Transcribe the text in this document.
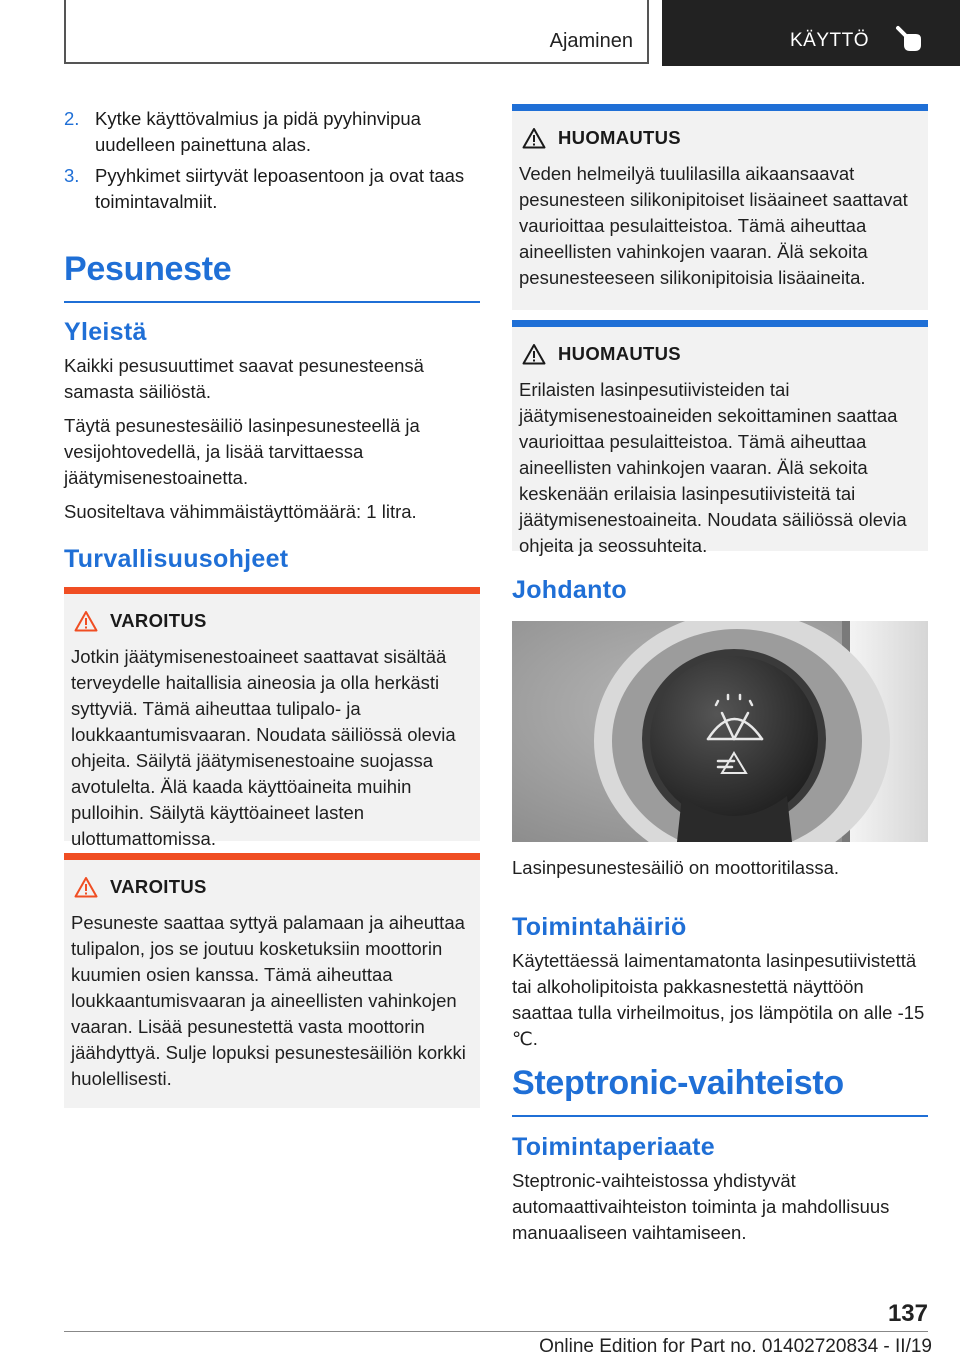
Ajaminen	KÄYTTÖ
2. Kytke käyttövalmius ja pidä pyyhinvipua uudelleen painettuna alas.
3. Pyyhkimet siirtyvät lepoasentoon ja ovat taas toimintavalmiit.
Pesuneste
Yleistä

Kaikki pesusuuttimet saavat pesunesteensä samasta säiliöstä.

Täytä pesunestesäiliö lasinpesunesteellä ja vesijohtovedellä, ja lisää tarvittaessa jäätymisenestoainetta.

Suositeltava vähimmäistäyttömäärä: 1 litra.

Turvallisuusohjeet
VAROITUS
Jotkin jäätymisenestoaineet saattavat sisältää terveydelle haitallisia aineosia ja olla herkästi syttyviä. Tämä aiheuttaa tulipalo- ja loukkaantumisvaaran. Noudata säiliössä olevia ohjeita. Säilytä jäätymisenestoaine suojassa avotulelta. Älä kaada käyttöaineita muihin pulloihin. Säilytä käyttöaineet lasten ulottumattomissa.
VAROITUS
Pesuneste saattaa syttyä palamaan ja aiheuttaa tulipalon, jos se joutuu kosketuksiin moottorin kuumien osien kanssa. Tämä aiheuttaa loukkaantumisvaaran ja aineellisten vahinkojen vaaran. Lisää pesunestettä vasta moottorin jäähdyttyä. Sulje lopuksi pesunestesäiliön korkki huolellisesti.
HUOMAUTUS
Veden helmeilyä tuulilasilla aikaansaavat pesunesteen silikonipitoiset lisäaineet saattavat vaurioittaa pesulaitteistoa. Tämä aiheuttaa aineellisten vahinkojen vaaran. Älä sekoita pesunesteeseen silikonipitoisia lisäaineita.
HUOMAUTUS
Erilaisten lasinpesutiivisteiden tai jäätymisenestoaineiden sekoittaminen saattaa vaurioittaa pesulaitteistoa. Tämä aiheuttaa aineellisten vahinkojen vaaran. Älä sekoita keskenään erilaisia lasinpesutiivisteitä tai jäätymisenestoaineita. Noudata säiliössä olevia ohjeita ja seossuhteita.
Johdanto

Lasinpesunestesäiliö on moottoritilassa.

Toimintahäiriö

Käytettäessä laimentamatonta lasinpesutiivistettä tai alkoholipitoista pakkasnestettä näyttöön saattaa tulla virheilmoitus, jos lämpötila on alle -15 ℃.

Steptronic-vaihteisto
Toimintaperiaate

Steptronic-vaihteistossa yhdistyvät automaattivaihteiston toiminta ja mahdollisuus manuaaliseen vaihtamiseen.

137
Online Edition for Part no. 01402720834 - II/19
